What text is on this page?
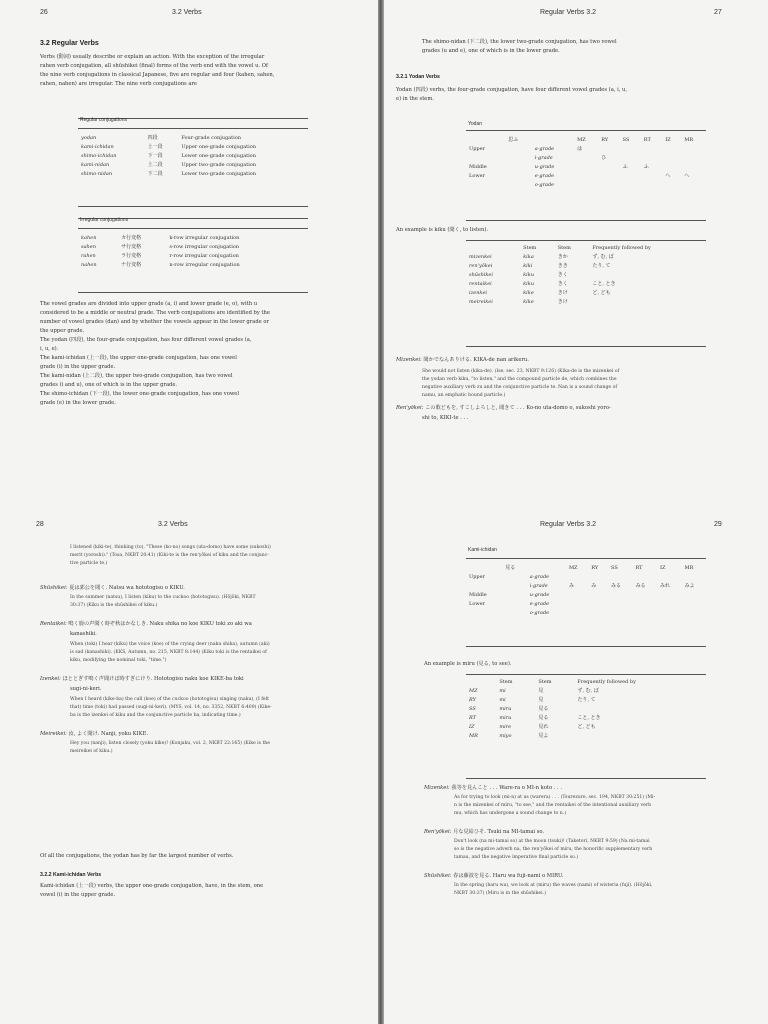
26	3.2 Verbs
3.2 Regular Verbs
Verbs (動詞) usually describe or explain an action. With the exception of the irregular
rahen verb conjugation, all shūshikei (final) forms of the verb end with the vowel u. Of
the nine verb conjugations in classical Japanese, five are regular and four (kahen, sahen,
rahen, nahen) are irregular. The nine verb conjugations are
Regular conjugations
yodan	四段	Four-grade conjugation
kami-ichidan	上一段	Upper one-grade conjugation
shimo-ichidan	下一段	Lower one-grade conjugation
kami-nidan	上二段	Upper two-grade conjugation
shimo-nidan	下二段	Lower two-grade conjugation
Irregular conjugations
kahen	カ行変格	k-row irregular conjugation
sahen	サ行変格	s-row irregular conjugation
rahen	ラ行変格	r-row irregular conjugation
nahen	ナ行変格	n-row irregular conjugation
The vowel grades are divided into upper grade (a, i) and lower grade (e, o), with u
considered to be a middle or neutral grade. The verb conjugations are identified by the
number of vowel grades (dan) and by whether the vowels appear in the lower grade or
the upper grade.
The yodan (四段), the four-grade conjugation, has four different vowel grades (a,
i, u, e).
The kami-ichidan (上一段), the upper one-grade conjugation, has one vowel
grade (i) in the upper grade.
The kami-nidan (上二段), the upper two-grade conjugation, has two vowel
grades (i and u), one of which is in the upper grade.
The shimo-ichidan (下一段), the lower one-grade conjugation, has one vowel
grade (e) in the lower grade.
Regular Verbs 3.2	27
The shimo-nidan (下二段), the lower two-grade conjugation, has two vowel
grades (u and e), one of which is in the lower grade.
3.2.1 Yodan Verbs
Yodan (四段) verbs, the four-grade conjugation, have four different vowel grades (a, i, u,
e) in the stem.
Yodan
	思ふ		MZ	RY	SS	RT	IZ	MR
Upper		a-grade	は					
		i-grade		ひ				
Middle		u-grade			ふ	ふ		
Lower		e-grade					へ	へ
		o-grade						
An example is kiku (聞く, to listen).
	Stem	Stem	Frequently followed by
mizenkei	kika	きか	ず, む, ば
ren'yōkei	kiki	きき	たり, て
shūshikei	kiku	きく	
rentaikei	kiku	きく	こと, とき
izenkei	kike	きけ	ど, ども
meireikei	kike	きけ	
Mizenkei: 聞かでなんありける. KIKA-de nan arikeru.
She would not listen (kika-de). (Ise, sec. 23, NKBT 9:126) (Kika-de is the mizenkei of
the yodan verb kiku, "to listen," and the compound particle de, which combines the
negative auxiliary verb zu and the conjunctive particle te. Nan is a sound change of
namu, an emphatic bound particle.)
Ren'yōkei: この歌どもを, すこしよろしと, 聞きて . . . Ko-no uta-domo o, sukoshi yoro-
shi to, KIKI-te . . .
28	3.2 Verbs
I listened (kiki-te), thinking (to), "These (ko-no) songs (uta-domo) have some (sukoshi)
merit (yoroshi)." (Tosa, NKBT 20:41) (Kiki-te is the ren'yōkei of kiku and the conjunc-
tive particle te.)
Shūshikei: 夏は郭公を聞く. Natsu wa hototogisu o KIKU.
In the summer (natsu), I listen (kiku) to the cuckoo (hototogisu). (Hōjōki, NKBT
30:37) (Kiku is the shūshikei of kiku.)
Rentaikei: 鳴く鹿の声聞く時ぞ秋はかなしき. Naku shika no koe KIKU toki zo aki wa
kanashiki.
When (toki) I hear (kiku) the voice (koe) of the crying deer (naku shika), autumn (aki)
is sad (kanashiki). (KKS, Autumn, no. 215, NKBT 8:144) (Kiku toki is the rentaikei of
kiku, modifying the nominal toki, "time.")
Izenkei: ほととぎす鳴く声聞けば時すぎにけり. Hototogisu naku koe KIKE-ba toki
sugi-ni-keri.
When I heard (kike-ba) the call (koe) of the cuckoo (hototogisu) singing (naku), (I felt
that) time (toki) had passed (sugi-ni-keri). (MYS, vol. 14, no. 3352, NKBT 6:409) (Kike-
ba is the izenkei of kiku and the conjunctive particle ba, indicating time.)
Meireikei: 汝, よく聞け. Nanji, yoku KIKE.
Hey you (nanji), listen closely (yoku kike)! (Konjaku, vol. 2, NKBT 22:165) (Kike is the
meireikei of kiku.)
Of all the conjugations, the yodan has by far the largest number of verbs.
3.2.2 Kami-ichidan Verbs
Kami-ichidan (上一段) verbs, the upper one-grade conjugation, have, in the stem, one
vowel (i) in the upper grade.
Regular Verbs 3.2	29
Kami-ichidan
	見る		MZ	RY	SS	RT	IZ	MR
Upper		a-grade						
		i-grade	み	み	みる	みる	みれ	みよ
Middle		u-grade						
Lower		e-grade						
		o-grade						
An example is miru (見る, to see).
	Stem	Stem	Frequently followed by
MZ	mi	見	ず, む, ば
RY	mi	見	たり, て
SS	miru	見る	
RT	miru	見る	こと, とき
IZ	mire	見れ	ど, ども
MR	miyo	見よ	
Mizenkei: 我等を見んこと . . . Ware-ra o MI-n koto . . .
As for trying to look (mi-n) at us (warera) . . . (Tsurezure, sec. 194, NKBT 30:251) (Mi-
n is the mizenkei of miru, "to see," and the rentaikei of the intentional auxiliary verb
mu, which has undergone a sound change to n.)
Ren'yōkei: 月な見給ひそ. Tsuki na MI-tamai so.
Don't look (na mi-tamai so) at the moon (tsuki)! (Taketori, NKBT 9:59) (Na mi-tamai
so is the negative adverb na, the ren'yōkei of miru, the honorific supplementary verb
tamau, and the negative imperative final particle so.)
Shūshikei: 春は藤波を見る. Haru wa fuji-nami o MIRU.
In the spring (haru wa), we look at (miru) the waves (nami) of wisteria (fuji). (Hōjōki,
NKBT 30:37) (Miru is in the shūshikei.)
